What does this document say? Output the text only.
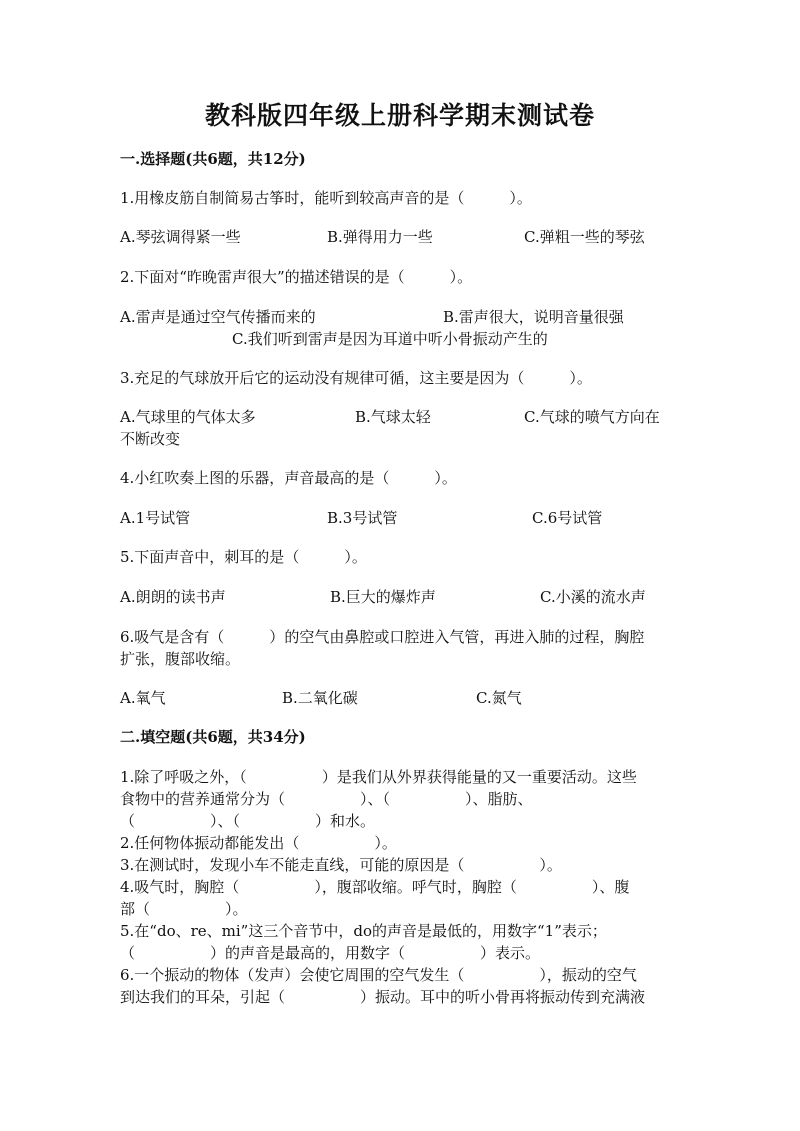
教科版四年级上册科学期末测试卷
一.选择题(共6题，共12分)
1.用橡皮筋自制简易古筝时，能听到较高声音的是（　　　）。
A.琴弦调得紧一些	B.弹得用力一些	C.弹粗一些的琴弦
2.下面对“昨晚雷声很大”的描述错误的是（　　　）。
A.雷声是通过空气传播而来的	B.雷声很大，说明音量很强
C.我们听到雷声是因为耳道中听小骨振动产生的
3.充足的气球放开后它的运动没有规律可循，这主要是因为（　　　）。
A.气球里的气体太多	B.气球太轻	C.气球的喷气方向在
不断改变
4.小红吹奏上图的乐器，声音最高的是（　　　）。
A.1号试管	B.3号试管	C.6号试管
5.下面声音中，刺耳的是（　　　）。
A.朗朗的读书声	B.巨大的爆炸声	C.小溪的流水声
6.吸气是含有（　　　）的空气由鼻腔或口腔进入气管，再进入肺的过程，胸腔
扩张，腹部收缩。
A.氧气	B.二氧化碳	C.氮气
二.填空题(共6题，共34分)
1.除了呼吸之外，（　　　　　）是我们从外界获得能量的又一重要活动。这些
食物中的营养通常分为（　　　　　）、（　　　　　）、脂肪、
（　　　　　）、（　　　　　）和水。
2.任何物体振动都能发出（　　　　　）。
3.在测试时，发现小车不能走直线，可能的原因是（　　　　　）。
4.吸气时，胸腔（　　　　　），腹部收缩。呼气时，胸腔（　　　　　）、腹
部（　　　　　）。
5.在“do、re、mi”这三个音节中，do的声音是最低的，用数字“1”表示；
（　　　　　）的声音是最高的，用数字（　　　　　）表示。
6.一个振动的物体（发声）会使它周围的空气发生（　　　　　），振动的空气
到达我们的耳朵，引起（　　　　　）振动。耳中的听小骨再将振动传到充满液
